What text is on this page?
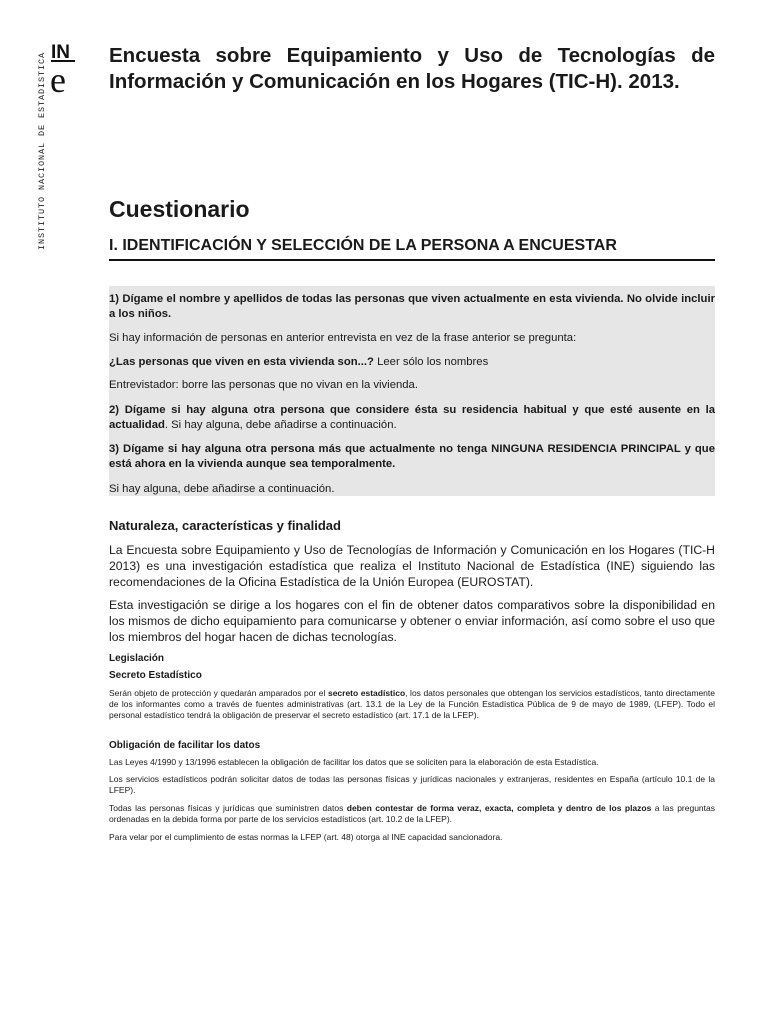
IN
e
INSTITUTO NACIONAL DE ESTADISTICA	Encuesta sobre Equipamiento y Uso de Tecnologías de
Información y Comunicación en los Hogares (TIC-H). 2013.
Cuestionario
I. IDENTIFICACIÓN Y SELECCIÓN DE LA PERSONA A ENCUESTAR

1) Dígame el nombre y apellidos de todas las personas que viven actualmente en esta vivienda. No olvide incluir a los niños.

Si hay información de personas en anterior entrevista en vez de la frase anterior se pregunta:

¿Las personas que viven en esta vivienda son...? Leer sólo los nombres

Entrevistador: borre las personas que no vivan en la vivienda.

2) Dígame si hay alguna otra persona que considere ésta su residencia habitual y que esté ausente en la actualidad. Si hay alguna, debe añadirse a continuación.

3) Dígame si hay alguna otra persona más que actualmente no tenga NINGUNA RESIDENCIA PRINCIPAL y que está ahora en la vivienda aunque sea temporalmente.

Si hay alguna, debe añadirse a continuación.

Naturaleza, características y finalidad

La Encuesta sobre Equipamiento y Uso de Tecnologías de Información y Comunicación en los Hogares (TIC-H 2013) es una investigación estadística que realiza el Instituto Nacional de Estadística (INE) siguiendo las recomendaciones de la Oficina Estadística de la Unión Europea (EUROSTAT).

Esta investigación se dirige a los hogares con el fin de obtener datos comparativos sobre la disponibilidad en los mismos de dicho equipamiento para comunicarse y obtener o enviar información, así como sobre el uso que los miembros del hogar hacen de dichas tecnologías.

Legislación
Secreto Estadístico

Serán objeto de protección y quedarán amparados por el secreto estadístico, los datos personales que obtengan los servicios estadísticos, tanto directamente de los informantes como a través de fuentes administrativas (art. 13.1 de la Ley de la Función Estadística Pública de 9 de mayo de 1989, (LFEP). Todo el personal estadístico tendrá la obligación de preservar el secreto estadístico (art. 17.1 de la LFEP).

Obligación de facilitar los datos

Las Leyes 4/1990 y 13/1996 establecen la obligación de facilitar los datos que se soliciten para la elaboración de esta Estadística.

Los servicios estadísticos podrán solicitar datos de todas las personas físicas y jurídicas nacionales y extranjeras, residentes en España (artículo 10.1 de la LFEP).

Todas las personas físicas y jurídicas que suministren datos deben contestar de forma veraz, exacta, completa y dentro de los plazos a las preguntas ordenadas en la debida forma por parte de los servicios estadísticos (art. 10.2 de la LFEP).

Para velar por el cumplimiento de estas normas la LFEP (art. 48) otorga al INE capacidad sancionadora.
